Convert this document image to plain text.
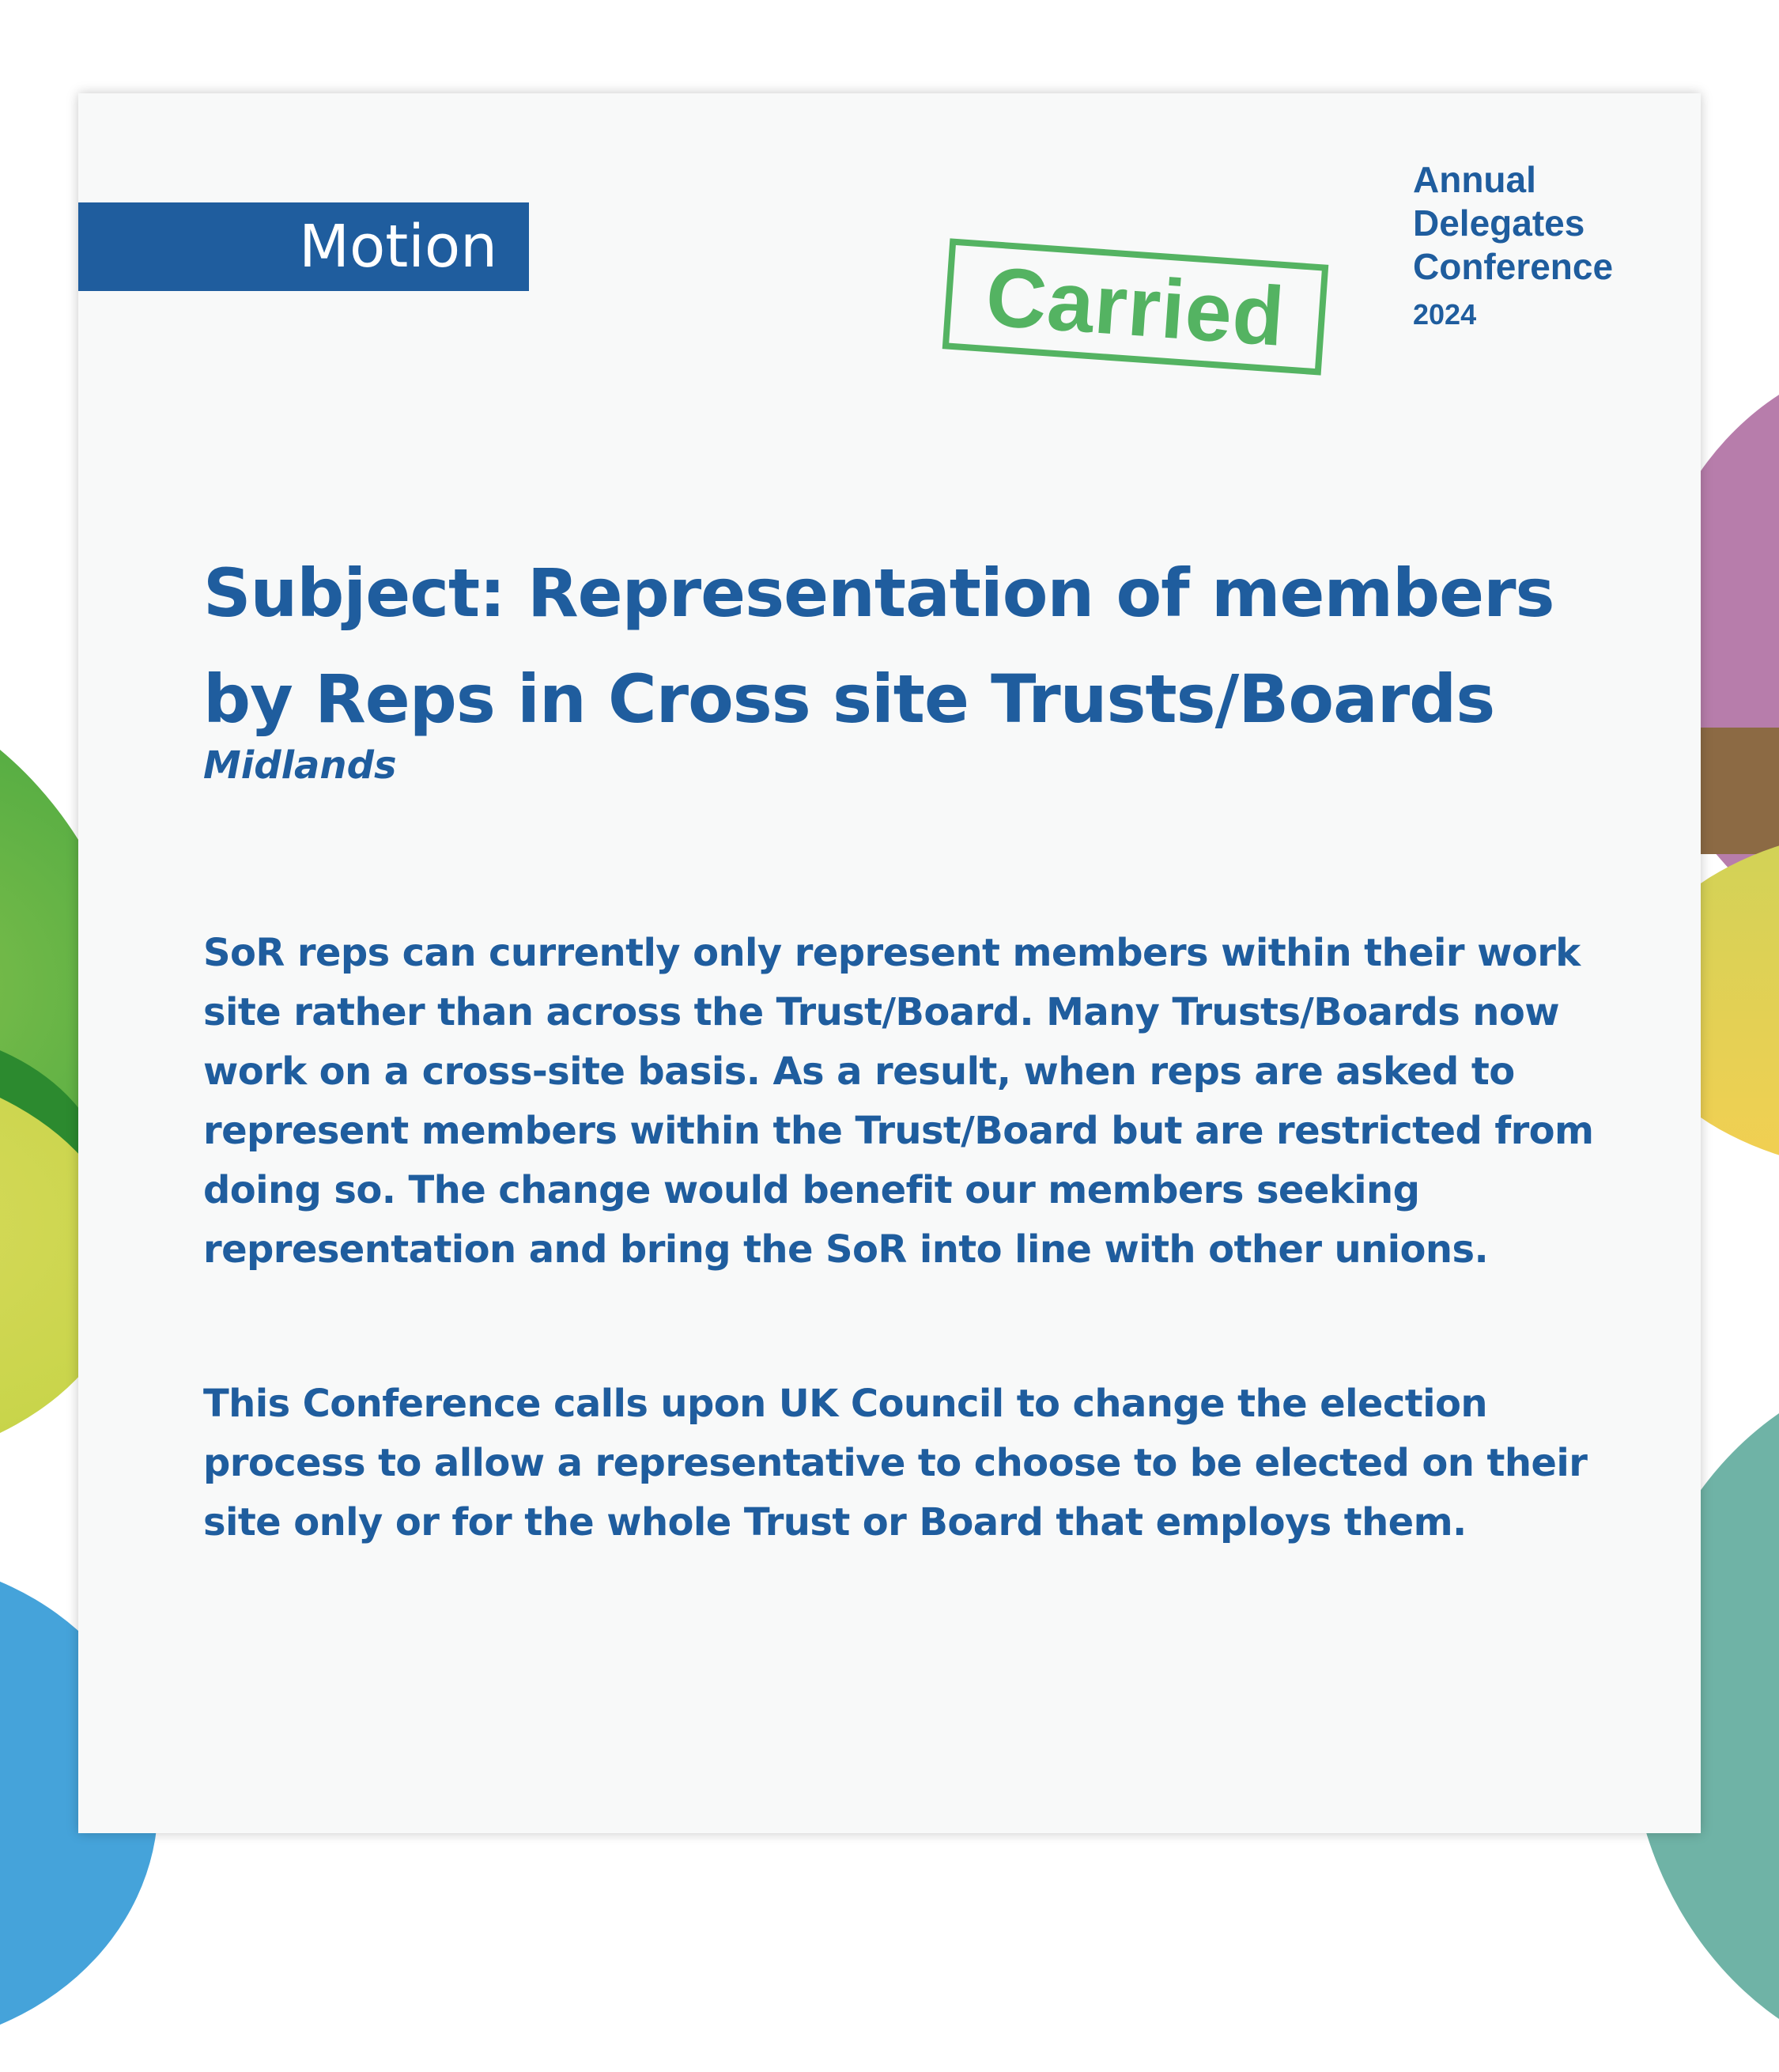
Motion
Carried
Annual
Delegates
Conference
2024
Subject: Representation of members by Reps in Cross site Trusts/Boards
Midlands
SoR reps can currently only represent members within their work site rather than across the Trust/Board. Many Trusts/Boards now work on a cross-site basis. As a result, when reps are asked to represent members within the Trust/Board but are restricted from doing so. The change would benefit our members seeking representation and bring the SoR into line with other unions.
This Conference calls upon UK Council to change the election process to allow a representative to choose to be elected on their site only or for the whole Trust or Board that employs them.
